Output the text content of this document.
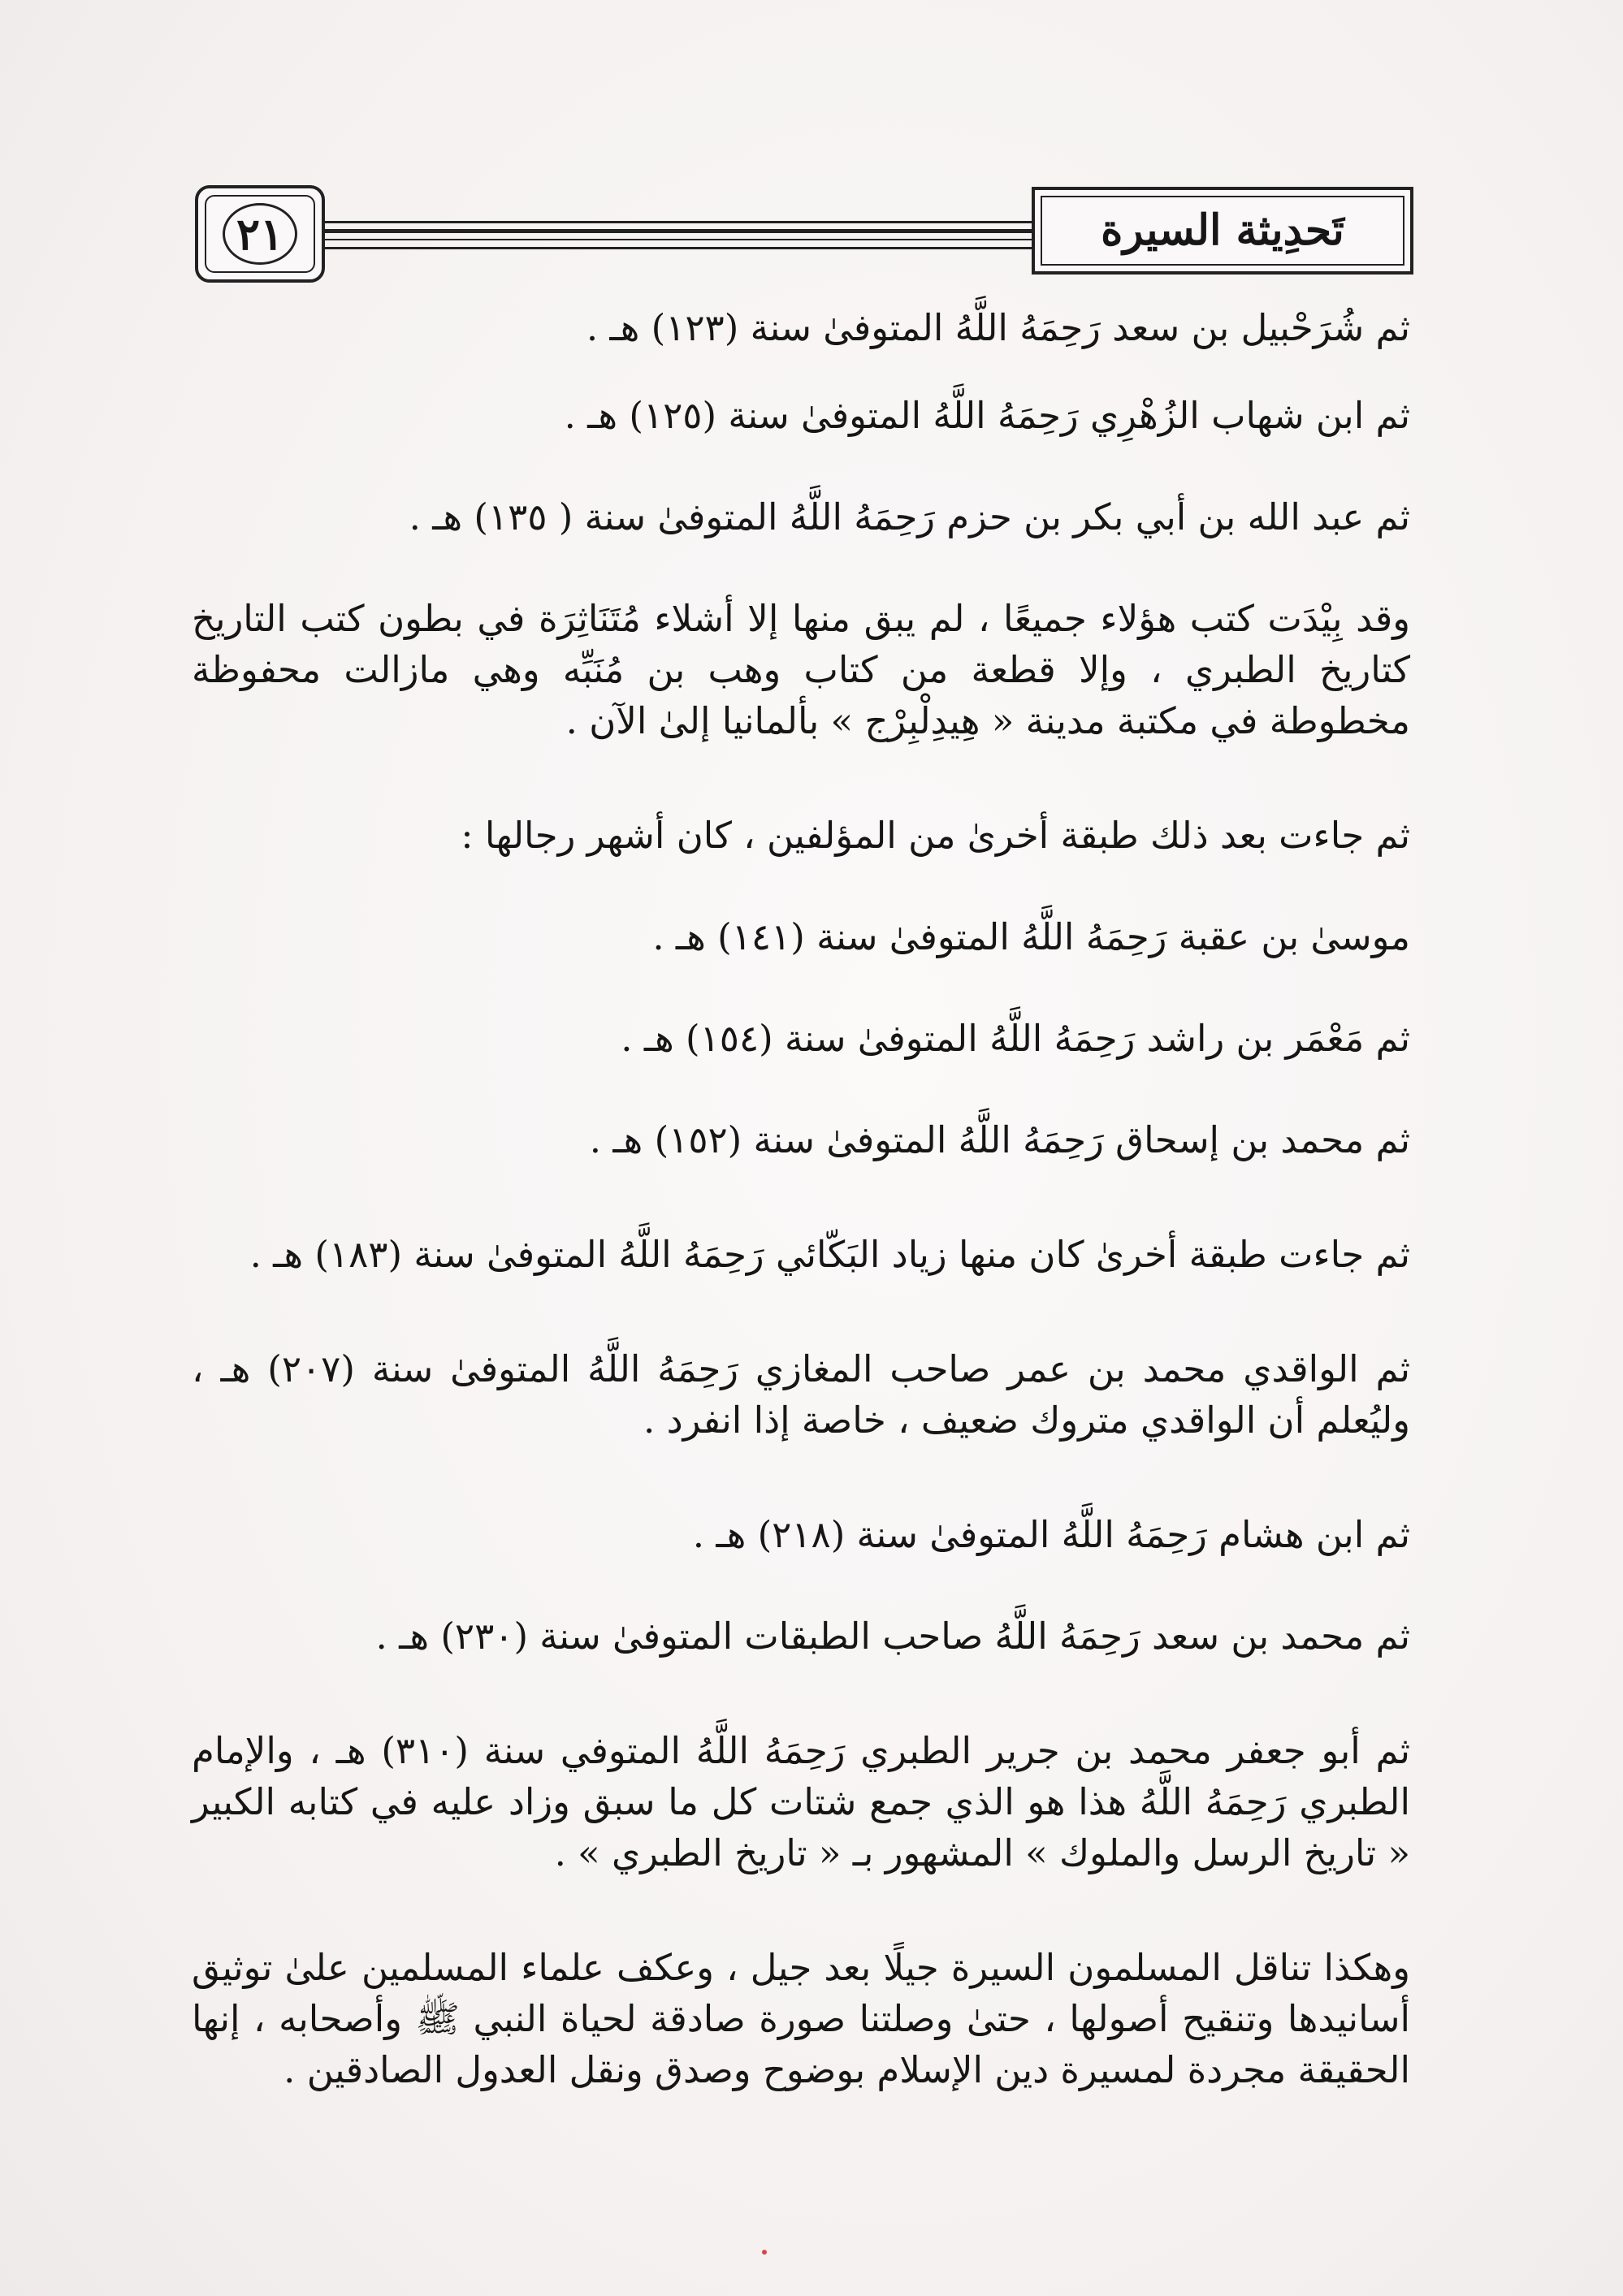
٢١	تَحدِيثة السيرة

ثم شُرَحْبيل بن سعد رَحِمَهُ اللَّهُ المتوفىٰ سنة (١٢٣) هـ .

ثم ابن شهاب الزُهْرِي رَحِمَهُ اللَّهُ المتوفىٰ سنة (١٢٥) هـ .

ثم عبد الله بن أبي بكر بن حزم رَحِمَهُ اللَّهُ المتوفىٰ سنة ( ١٣٥) هـ .

وقد بِيْدَت كتب هؤلاء جميعًا ، لم يبق منها إلا أشلاء مُتَنَاثِرَة في بطون كتب التاريخ كتاريخ الطبري ، وإلا قطعة من كتاب وهب بن مُنَبِّه وهي مازالت محفوظة مخطوطة في مكتبة مدينة « هِيدِلْبِرْج » بألمانيا إلىٰ الآن .

ثم جاءت بعد ذلك طبقة أخرىٰ من المؤلفين ، كان أشهر رجالها :

موسىٰ بن عقبة رَحِمَهُ اللَّهُ المتوفىٰ سنة (١٤١) هـ .

ثم مَعْمَر بن راشد رَحِمَهُ اللَّهُ المتوفىٰ سنة (١٥٤) هـ .

ثم محمد بن إسحاق رَحِمَهُ اللَّهُ المتوفىٰ سنة (١٥٢) هـ .

ثم جاءت طبقة أخرىٰ كان منها زياد البَكّائي رَحِمَهُ اللَّهُ المتوفىٰ سنة (١٨٣) هـ .

ثم الواقدي محمد بن عمر صاحب المغازي رَحِمَهُ اللَّهُ المتوفىٰ سنة (٢٠٧) هـ ، وليُعلم أن الواقدي متروك ضعيف ، خاصة إذا انفرد .

ثم ابن هشام رَحِمَهُ اللَّهُ المتوفىٰ سنة (٢١٨) هـ .

ثم محمد بن سعد رَحِمَهُ اللَّهُ صاحب الطبقات المتوفىٰ سنة (٢٣٠) هـ .

ثم أبو جعفر محمد بن جرير الطبري رَحِمَهُ اللَّهُ المتوفي سنة (٣١٠) هـ ، والإمام الطبري رَحِمَهُ اللَّهُ هذا هو الذي جمع شتات كل ما سبق وزاد عليه في كتابه الكبير « تاريخ الرسل والملوك » المشهور بـ « تاريخ الطبري » .

وهكذا تناقل المسلمون السيرة جيلًا بعد جيل ، وعكف علماء المسلمين علىٰ توثيق أسانيدها وتنقيح أصولها ، حتىٰ وصلتنا صورة صادقة لحياة النبي ﷺ وأصحابه ، إنها الحقيقة مجردة لمسيرة دين الإسلام بوضوح وصدق ونقل العدول الصادقين .
